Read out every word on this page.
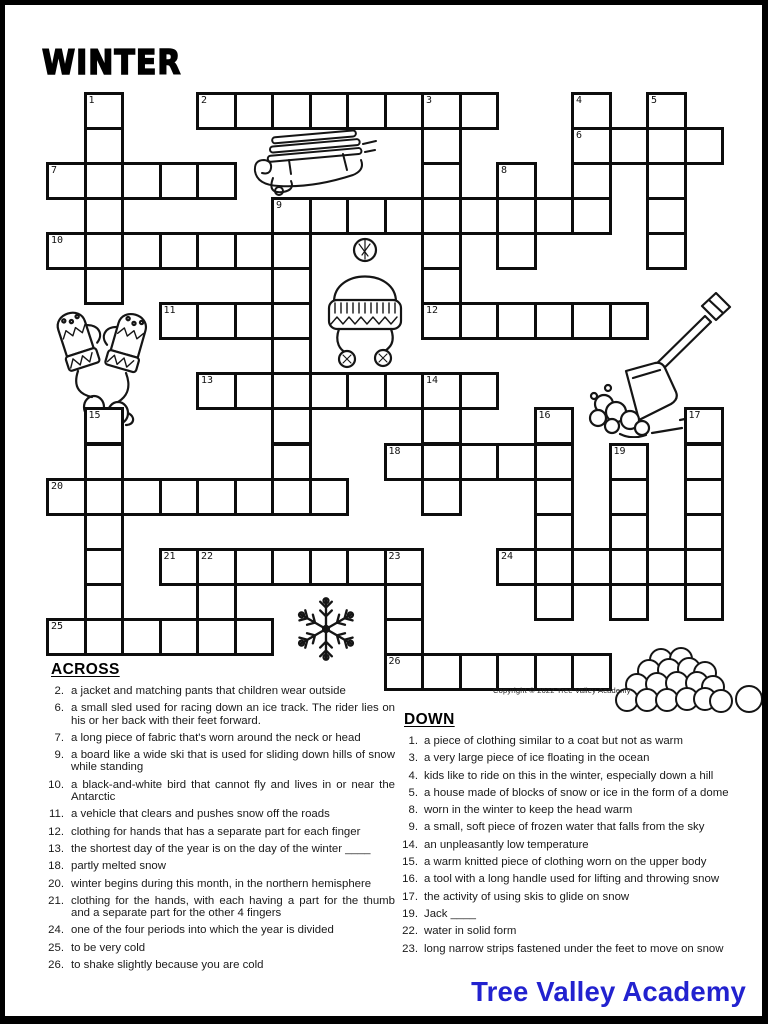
WINTER
2	3
6
7
9
10
11	12
13	14
18
20
21	22	23	24
25
26
1	4	5
8
15	16	17
19
ACROSS
2. a jacket and matching pants that children wear outside
6. a small sled used for racing down an ice track. The rider lies on his or her back with their feet forward.
7. a long piece of fabric that's worn around the neck or head
9. a board like a wide ski that is used for sliding down hills of snow while standing
10. a black-and-white bird that cannot fly and lives in or near the Antarctic
11. a vehicle that clears and pushes snow off the roads
12. clothing for hands that has a separate part for each finger
13. the shortest day of the year is on the day of the winter ____
18. partly melted snow
20. winter begins during this month, in the northern hemisphere
21. clothing for the hands, with each having a part for the thumb and a separate part for the other 4 fingers
24. one of the four periods into which the year is divided
25. to be very cold
26. to shake slightly because you are cold
DOWN
1. a piece of clothing similar to a coat but not as warm
3. a very large piece of ice floating in the ocean
4. kids like to ride on this in the winter, especially down a hill
5. a house made of blocks of snow or ice in the form of a dome
8. worn in the winter to keep the head warm
9. a small, soft piece of frozen water that falls from the sky
14. an unpleasantly low temperature
15. a warm knitted piece of clothing worn on the upper body
16. a tool with a long handle used for lifting and throwing snow
17. the activity of using skis to glide on snow
19. Jack ____
22. water in solid form
23. long narrow strips fastened under the feet to move on snow
Copyright © 2022 Tree Valley Academy
Tree Valley Academy
